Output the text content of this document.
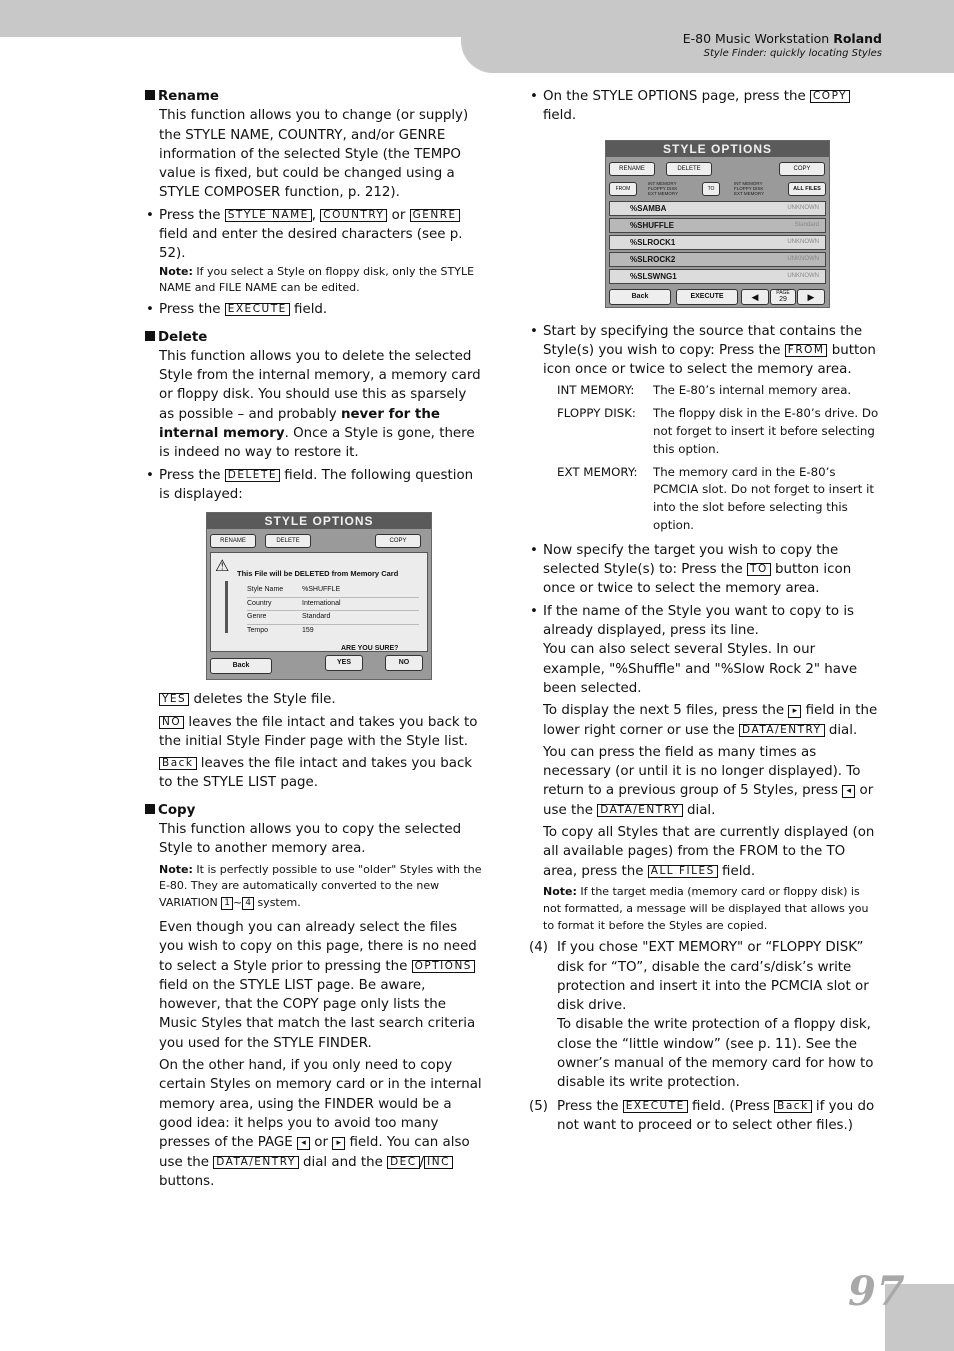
E-80 Music Workstation Roland
Style Finder: quickly locating Styles
Rename
This function allows you to change (or supply) the STYLE NAME, COUNTRY, and/or GENRE information of the selected Style (the TEMPO value is fixed, but could be changed using a STYLE COMPOSER function, p. 212).
• Press the STYLE NAME , COUNTRY or GENRE field and enter the desired characters (see p. 52).
Note: If you select a Style on floppy disk, only the STYLE NAME and FILE NAME can be edited.
• Press the EXECUTE field.
Delete
This function allows you to delete the selected Style from the internal memory, a memory card or floppy disk. You should use this as sparsely as possible – and probably never for the internal memory. Once a Style is gone, there is indeed no way to restore it.
• Press the DELETE field. The following question is displayed:
STYLE OPTIONS
RENAME	DELETE	COPY
⚠ This File will be DELETED from Memory Card
Style Name	%SHUFFLE
Country	International
Genre	Standard
Tempo	159
ARE YOU SURE?
Back	YES	NO
YES deletes the Style file.
NO leaves the file intact and takes you back to the initial Style Finder page with the Style list.
Back leaves the file intact and takes you back to the STYLE LIST page.
Copy
This function allows you to copy the selected Style to another memory area.
Note: It is perfectly possible to use "older" Styles with the E-80. They are automatically converted to the new VARIATION 1 ~ 4 system.
Even though you can already select the files you wish to copy on this page, there is no need to select a Style prior to pressing the OPTIONS field on the STYLE LIST page. Be aware, however, that the COPY page only lists the Music Styles that match the last search criteria you used for the STYLE FINDER.
On the other hand, if you only need to copy certain Styles on memory card or in the internal memory area, using the FINDER would be a good idea: it helps you to avoid too many presses of the PAGE ◂ or ▸ field. You can also use the DATA/ENTRY dial and the DEC / INC buttons.
• On the STYLE OPTIONS page, press the COPY field.
STYLE OPTIONS
RENAME	DELETE	COPY
FROM
INT MEMORY
FLOPPY DISK
EXT MEMORY
TO
INT MEMORY
FLOPPY DISK
EXT MEMORY
ALL FILES
%SAMBA	UNKNOWN
%SHUFFLE	Standard
%SLROCK1	UNKNOWN
%SLROCK2	UNKNOWN
%SLSWNG1	UNKNOWN
Back	EXECUTE	◀	PAGE
29	▶
• Start by specifying the source that contains the Style(s) you wish to copy: Press the FROM button icon once or twice to select the memory area.
INT MEMORY:	The E-80’s internal memory area.
FLOPPY DISK:	The floppy disk in the E-80’s drive. Do not forget to insert it before selecting this option.
EXT MEMORY:	The memory card in the E-80’s PCMCIA slot. Do not forget to insert it into the slot before selecting this option.
• Now specify the target you wish to copy the selected Style(s) to: Press the TO button icon once or twice to select the memory area.
• If the name of the Style you want to copy to is already displayed, press its line.
You can also select several Styles. In our example, "%Shuffle" and "%Slow Rock 2" have been selected.
To display the next 5 files, press the ▸ field in the lower right corner or use the DATA/ENTRY dial.
You can press the field as many times as necessary (or until it is no longer displayed). To return to a previous group of 5 Styles, press ◂ or use the DATA/ENTRY dial.
To copy all Styles that are currently displayed (on all available pages) from the FROM to the TO area, press the ALL FILES field.
Note: If the target media (memory card or floppy disk) is not formatted, a message will be displayed that allows you to format it before the Styles are copied.
(4) If you chose "EXT MEMORY" or “FLOPPY DISK” disk for “TO”, disable the card’s/disk’s write protection and insert it into the PCMCIA slot or disk drive.
To disable the write protection of a floppy disk, close the “little window” (see p. 11). See the owner’s manual of the memory card for how to disable its write protection.
(5) Press the EXECUTE field. (Press Back if you do not want to proceed or to select other files.)
97
